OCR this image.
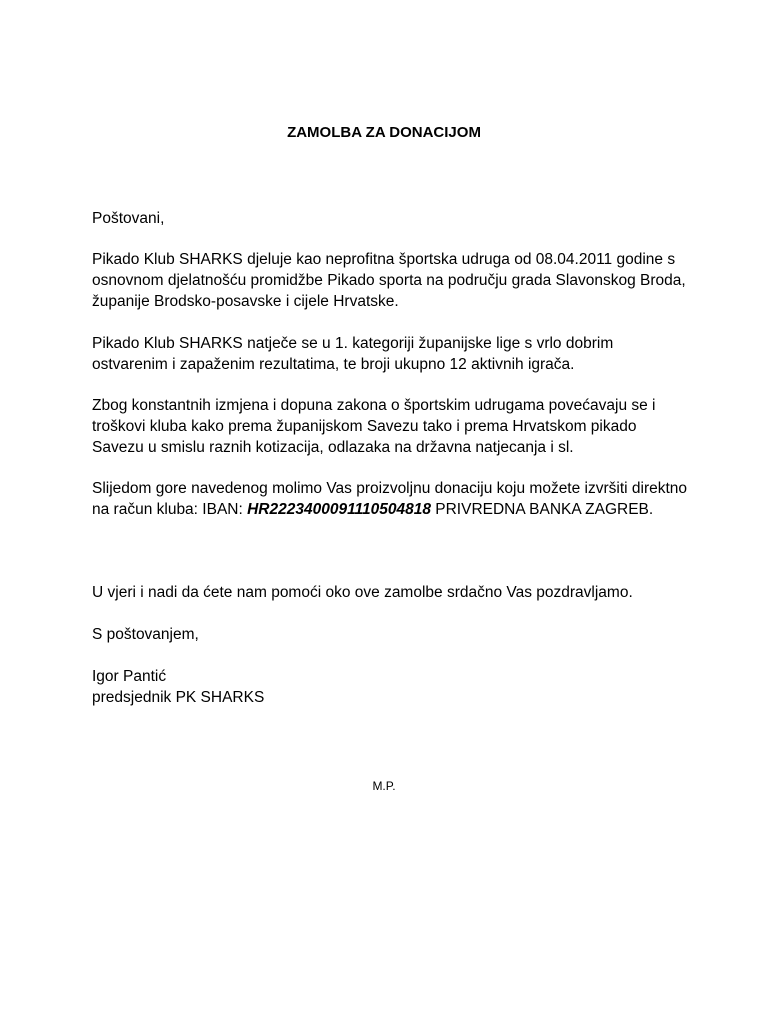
ZAMOLBA ZA DONACIJOM

Poštovani,

Pikado Klub SHARKS djeluje kao neprofitna športska udruga od 08.04.2011 godine s osnovnom djelatnošću promidžbe Pikado sporta na području grada Slavonskog Broda, županije Brodsko-posavske i cijele Hrvatske.

Pikado Klub SHARKS natječe se u 1. kategoriji županijske lige s vrlo dobrim ostvarenim i zapaženim rezultatima, te broji ukupno 12 aktivnih igrača.

Zbog konstantnih izmjena i dopuna zakona o športskim udrugama povećavaju se i troškovi kluba kako prema županijskom Savezu tako i prema Hrvatskom pikado Savezu u smislu raznih kotizacija, odlazaka na državna natjecanja i sl.

Slijedom gore navedenog molimo Vas proizvoljnu donaciju koju možete izvršiti direktno na račun kluba: IBAN: HR2223400091110504818 PRIVREDNA BANKA ZAGREB.

U vjeri i nadi da ćete nam pomoći oko ove zamolbe srdačno Vas pozdravljamo.

S poštovanjem,

Igor Pantić
predsjednik PK SHARKS

M.P.
